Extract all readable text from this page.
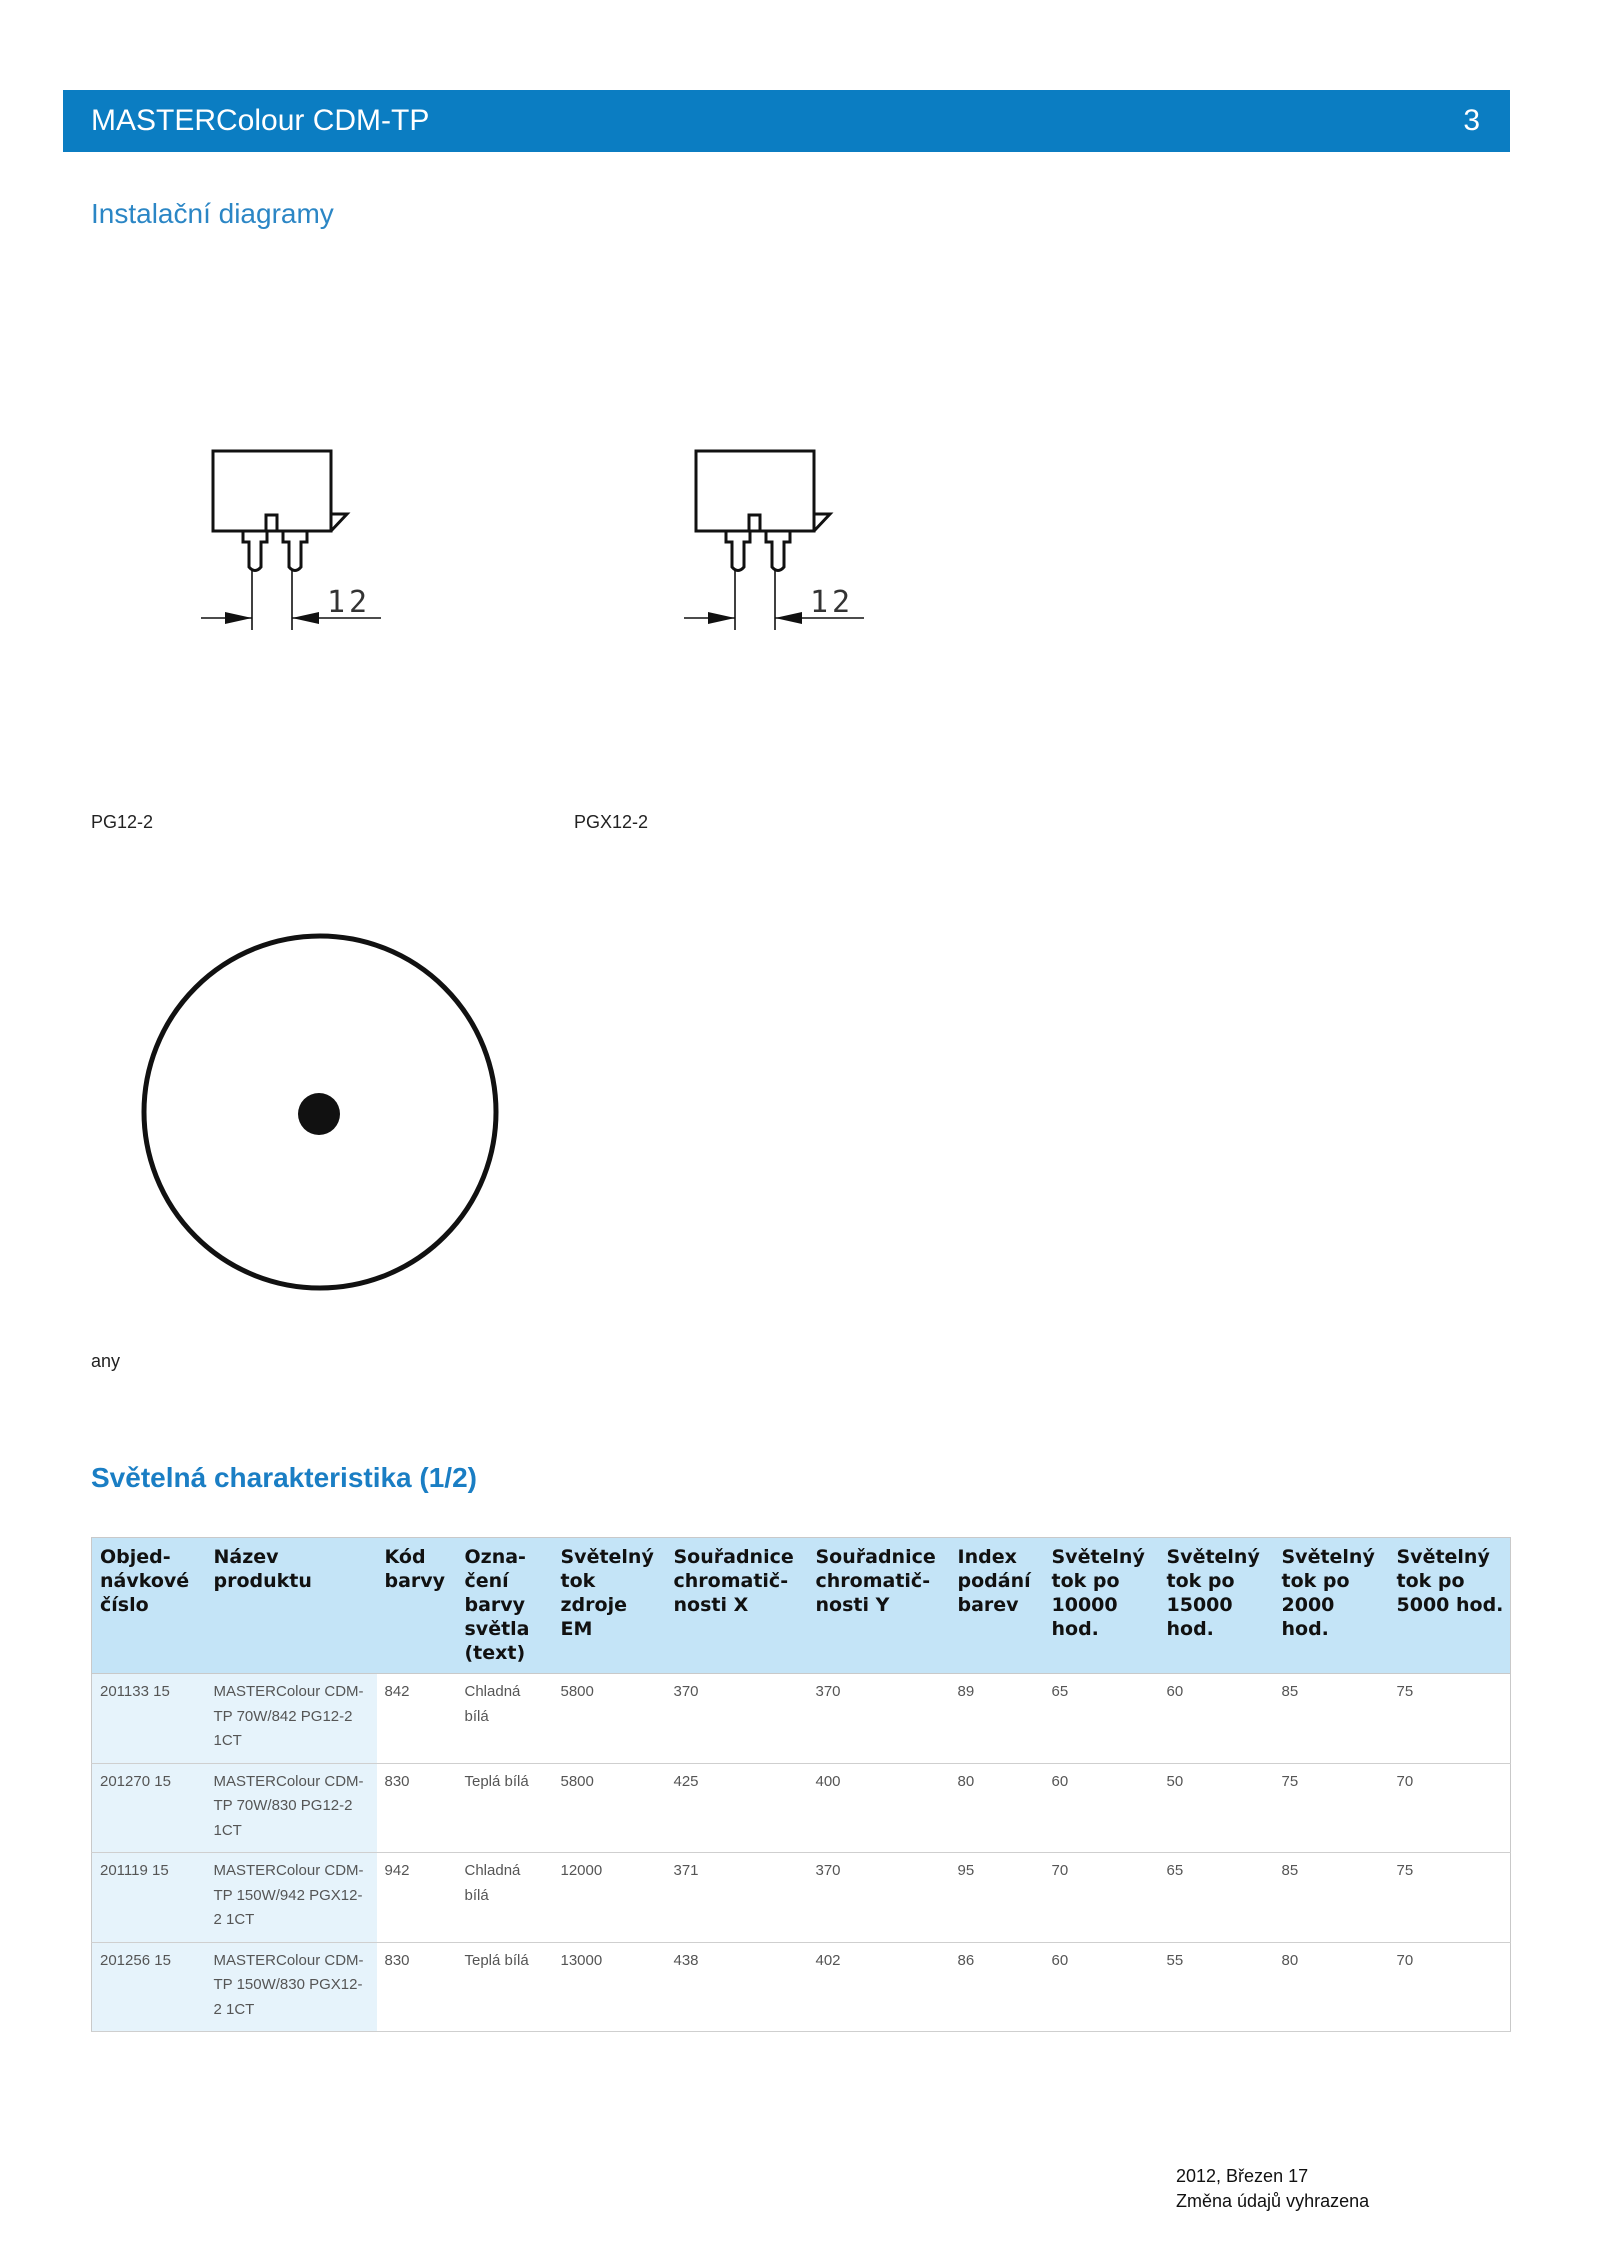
MASTERColour CDM-TP	3
Instalační diagramy
12
PG12-2
12
PGX12-2
any
Světelná charakteristika (1/2)
Objed- návkové číslo	Název produktu	Kód barvy	Ozna- čení barvy světla (text)	Světelný tok zdroje EM	Souřadnice chromatič- nosti X	Souřadnice chromatič- nosti Y	Index podání barev	Světelný tok po 10000 hod.	Světelný tok po 15000 hod.	Světelný tok po 2000 hod.	Světelný tok po 5000 hod.
201133 15	MASTERColour CDM-TP 70W/842 PG12-2 1CT	842	Chladná bílá	5800	370	370	89	65	60	85	75
201270 15	MASTERColour CDM-TP 70W/830 PG12-2 1CT	830	Teplá bílá	5800	425	400	80	60	50	75	70
201119 15	MASTERColour CDM-TP 150W/942 PGX12-2 1CT	942	Chladná bílá	12000	371	370	95	70	65	85	75
201256 15	MASTERColour CDM-TP 150W/830 PGX12-2 1CT	830	Teplá bílá	13000	438	402	86	60	55	80	70
2012, Březen 17
Změna údajů vyhrazena
